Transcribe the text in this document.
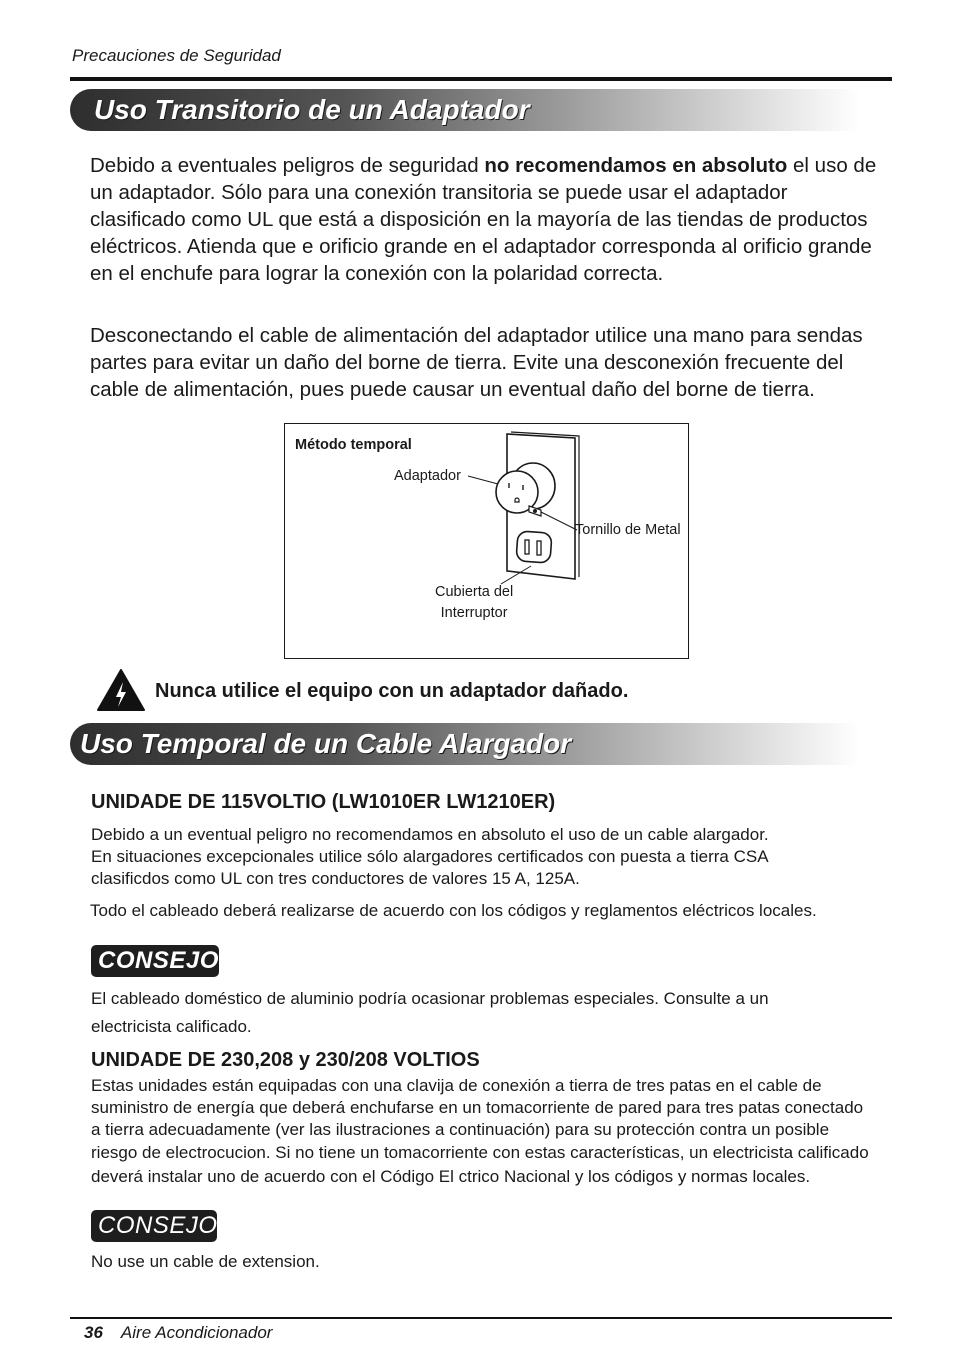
Precauciones de Seguridad
Uso Transitorio de un Adaptador
Debido a eventuales peligros de seguridad no recomendamos en absoluto el uso de un adaptador. Sólo para una conexión transitoria se puede usar el adaptador clasificado como UL que está a disposición en la mayoría de las tiendas de productos eléctricos. Atienda que e orificio grande en el adaptador corresponda al orificio grande en el enchufe para lograr la conexión con la polaridad correcta.
Desconectando el cable de alimentación del adaptador utilice una mano para sendas partes para evitar un daño del borne de tierra. Evite una desconexión frecuente del cable de alimentación, pues puede causar un eventual daño del borne de tierra.
Método temporal
Adaptador
Tornillo de Metal
Cubierta del
Interruptor
Nunca utilice el equipo con un adaptador dañado.
Uso Temporal de un Cable Alargador
UNIDADE DE 115VOLTIO (LW1010ER LW1210ER)
Debido a un eventual peligro no recomendamos en absoluto el uso de un cable alargador.
En situaciones excepcionales utilice sólo alargadores certificados con puesta a tierra CSA
clasificdos como UL con tres conductores de valores 15 A, 125A.
Todo el cableado deberá realizarse de acuerdo con los códigos y reglamentos eléctricos locales.
CONSEJO
El cableado doméstico de aluminio podría ocasionar problemas especiales. Consulte a un
electricista calificado.
UNIDADE DE 230,208 y 230/208 VOLTIOS
Estas unidades están equipadas con una clavija de conexión a tierra de tres patas en el cable de
suministro de energía que deberá enchufarse en un tomacorriente de pared para tres patas conectado
a tierra adecuadamente (ver las ilustraciones a continuación) para su protección contra un posible
riesgo de electrocucion. Si no tiene un tomacorriente con estas características, un electricista calificado
deverá instalar uno de acuerdo con el Código El ctrico Nacional y los códigos y normas locales.
CONSEJO
No use un cable de extension.
36 Aire Acondicionador
